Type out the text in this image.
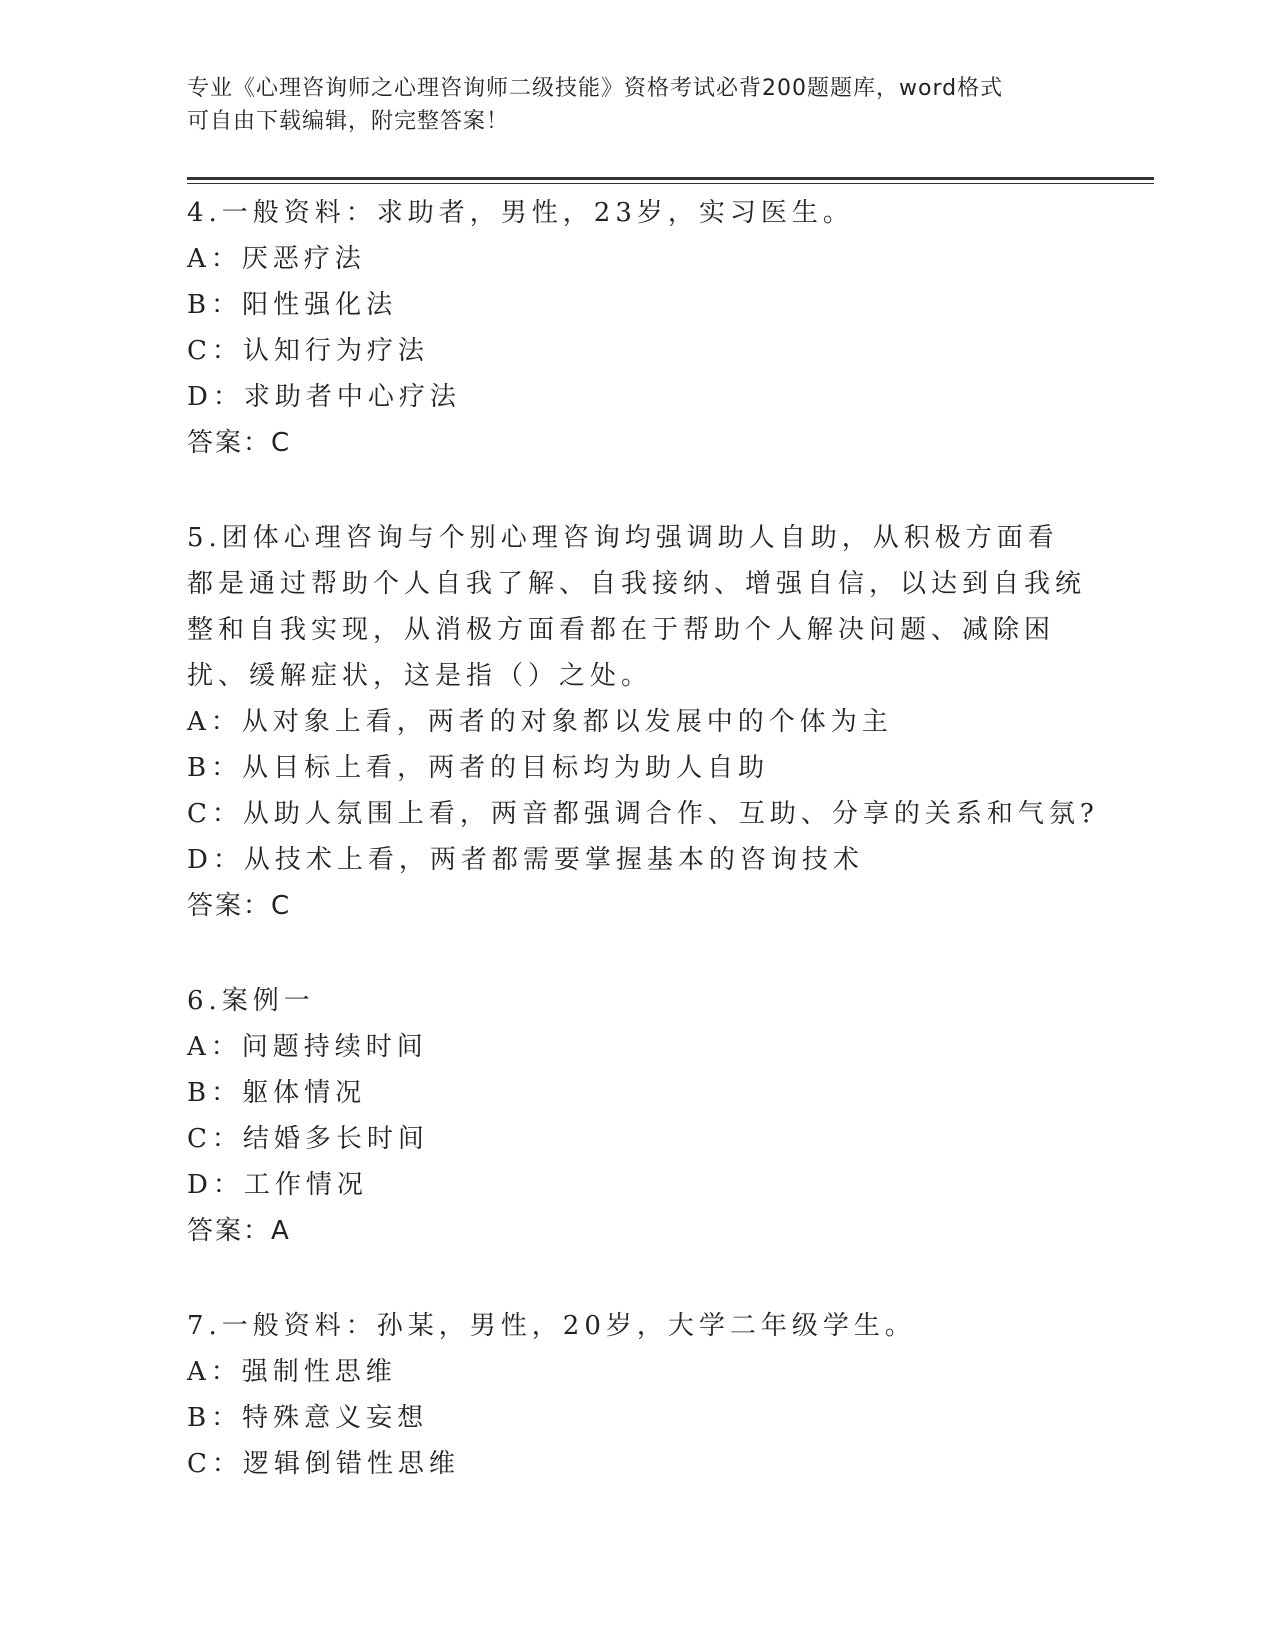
专业《心理咨询师之心理咨询师二级技能》资格考试必背200题题库，word格式
可自由下载编辑，附完整答案！

4.一般资料：求助者，男性，23岁，实习医生。

A：厌恶疗法

B：阳性强化法

C：认知行为疗法

D：求助者中心疗法

答案：C

5.团体心理咨询与个别心理咨询均强调助人自助，从积极方面看都是通过帮助个人自我了解、自我接纳、增强自信，以达到自我统整和自我实现，从消极方面看都在于帮助个人解决问题、减除困扰、缓解症状，这是指（）之处。

A：从对象上看，两者的对象都以发展中的个体为主

B：从目标上看，两者的目标均为助人自助

C：从助人氛围上看，两音都强调合作、互助、分享的关系和气氛?

D：从技术上看，两者都需要掌握基本的咨询技术

答案：C

6.案例一

A：问题持续时间

B：躯体情况

C：结婚多长时间

D：工作情况

答案：A

7.一般资料：孙某，男性，20岁，大学二年级学生。

A：强制性思维

B：特殊意义妄想

C：逻辑倒错性思维
